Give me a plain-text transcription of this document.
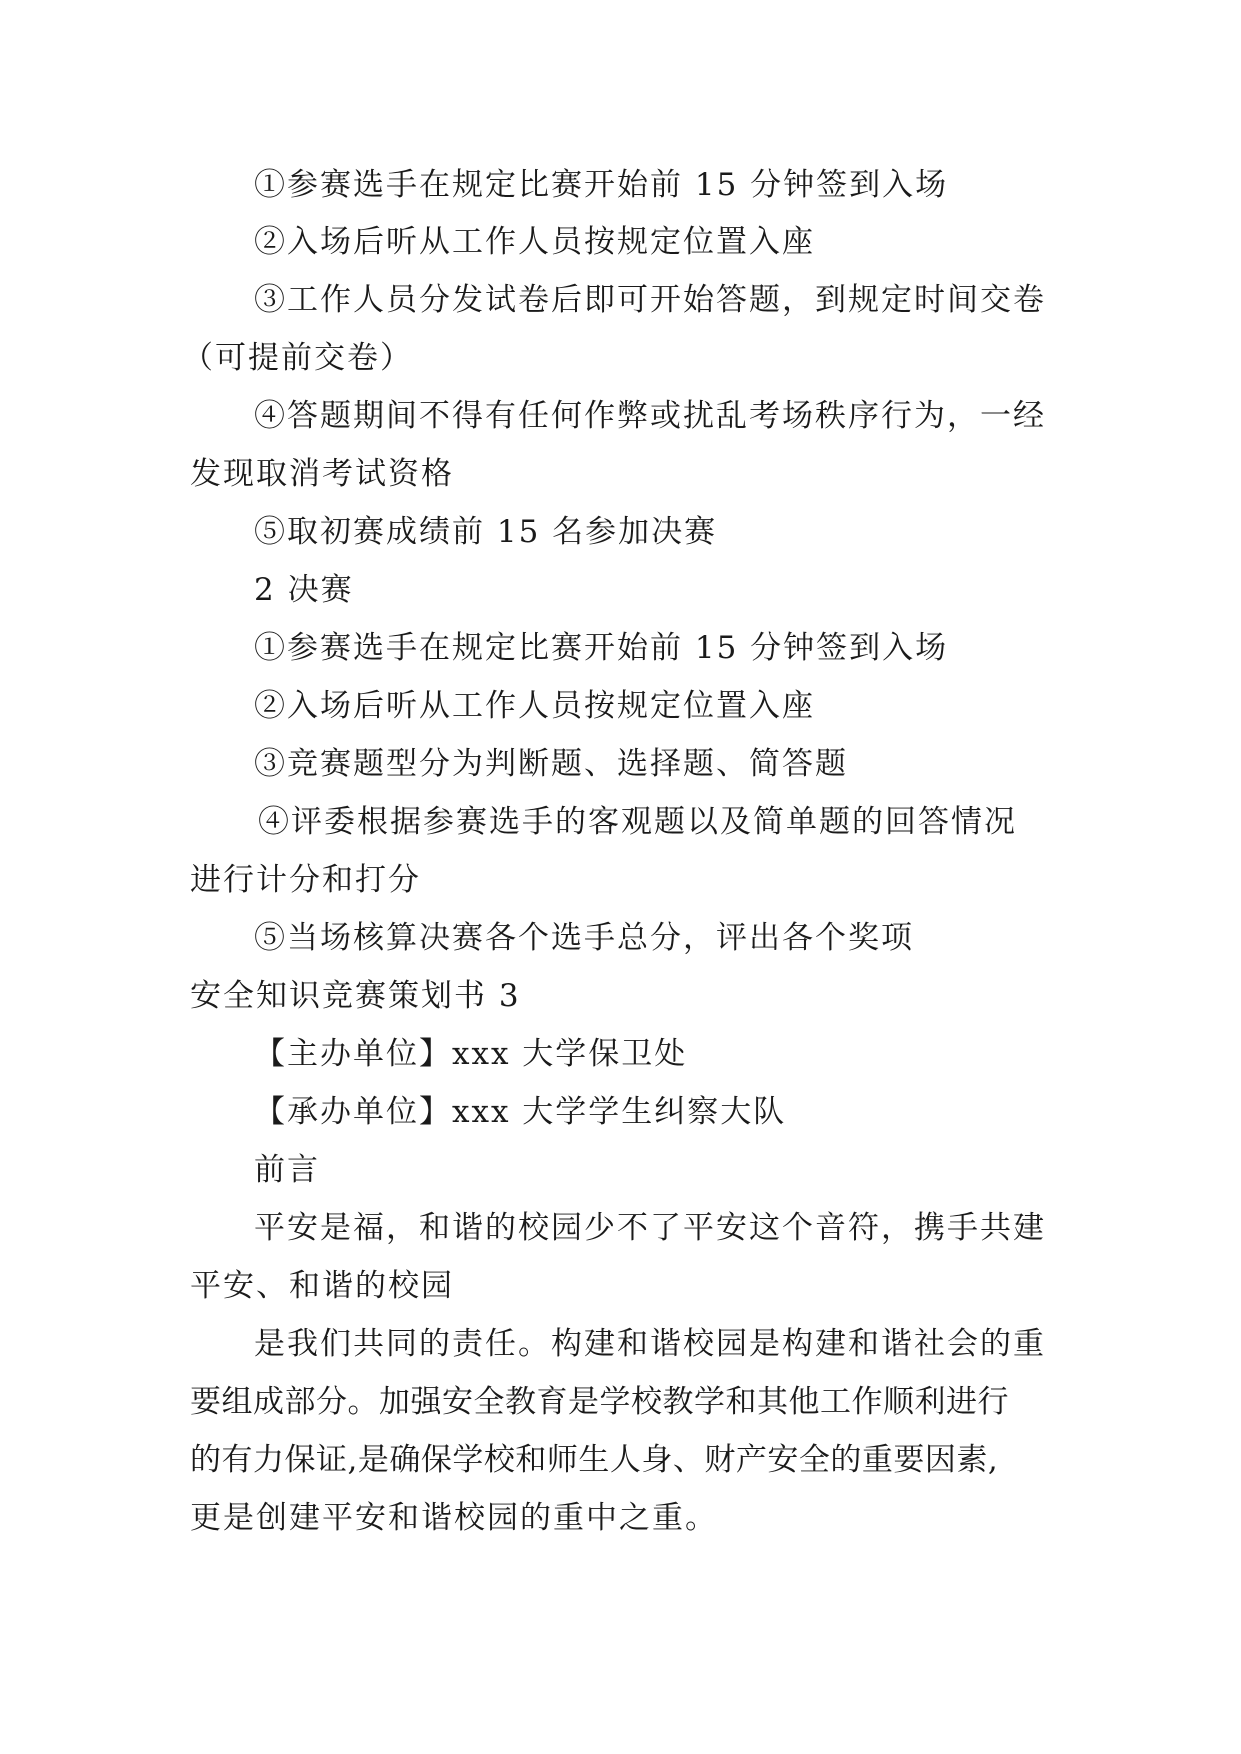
①参赛选手在规定比赛开始前 15 分钟签到入场
②入场后听从工作人员按规定位置入座
③工作人员分发试卷后即可开始答题，到规定时间交卷
（可提前交卷）
④答题期间不得有任何作弊或扰乱考场秩序行为，一经
发现取消考试资格
⑤取初赛成绩前 15 名参加决赛
2 决赛
①参赛选手在规定比赛开始前 15 分钟签到入场
②入场后听从工作人员按规定位置入座
③竞赛题型分为判断题、选择题、简答题
④评委根据参赛选手的客观题以及简单题的回答情况
进行计分和打分
⑤当场核算决赛各个选手总分，评出各个奖项
安全知识竞赛策划书 3
【主办单位】xxx 大学保卫处
【承办单位】xxx 大学学生纠察大队
前言
平安是福，和谐的校园少不了平安这个音符，携手共建
平安、和谐的校园
是我们共同的责任。构建和谐校园是构建和谐社会的重
要组成部分。加强安全教育是学校教学和其他工作顺利进行
的有力保证,是确保学校和师生人身、财产安全的重要因素,
更是创建平安和谐校园的重中之重。
